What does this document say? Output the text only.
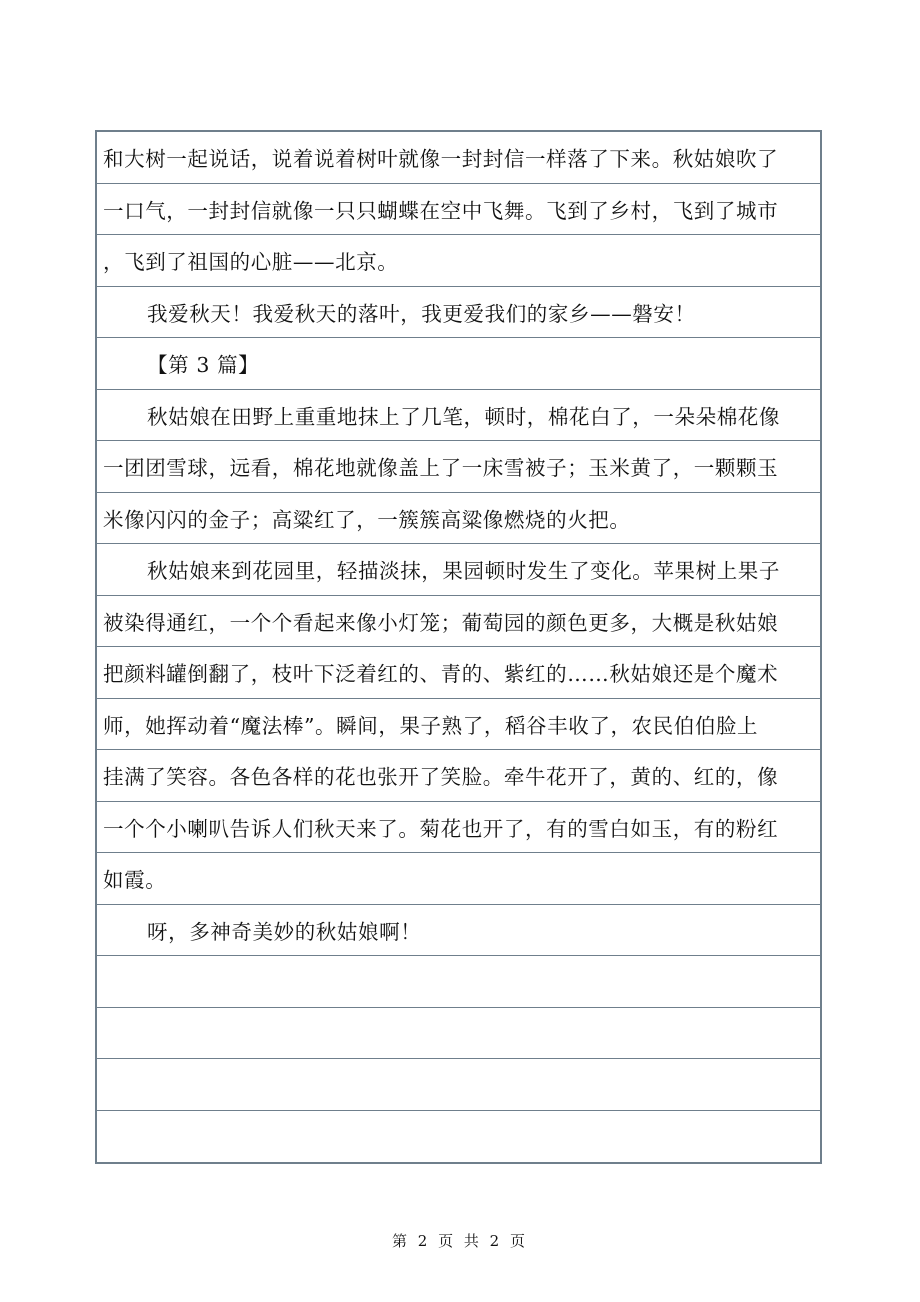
和大树一起说话，说着说着树叶就像一封封信一样落了下来。秋姑娘吹了
一口气，一封封信就像一只只蝴蝶在空中飞舞。飞到了乡村，飞到了城市
，飞到了祖国的心脏——北京。
我爱秋天！我爱秋天的落叶，我更爱我们的家乡——磐安！
【第 3 篇】
秋姑娘在田野上重重地抹上了几笔，顿时，棉花白了，一朵朵棉花像
一团团雪球，远看，棉花地就像盖上了一床雪被子；玉米黄了，一颗颗玉
米像闪闪的金子；高粱红了，一簇簇高粱像燃烧的火把。
秋姑娘来到花园里，轻描淡抹，果园顿时发生了变化。苹果树上果子
被染得通红，一个个看起来像小灯笼；葡萄园的颜色更多，大概是秋姑娘
把颜料罐倒翻了，枝叶下泛着红的、青的、紫红的……秋姑娘还是个魔术
师，她挥动着“魔法棒”。瞬间，果子熟了，稻谷丰收了，农民伯伯脸上
挂满了笑容。各色各样的花也张开了笑脸。牵牛花开了，黄的、红的，像
一个个小喇叭告诉人们秋天来了。菊花也开了，有的雪白如玉，有的粉红
如霞。
呀，多神奇美妙的秋姑娘啊！
第 2 页 共 2 页
